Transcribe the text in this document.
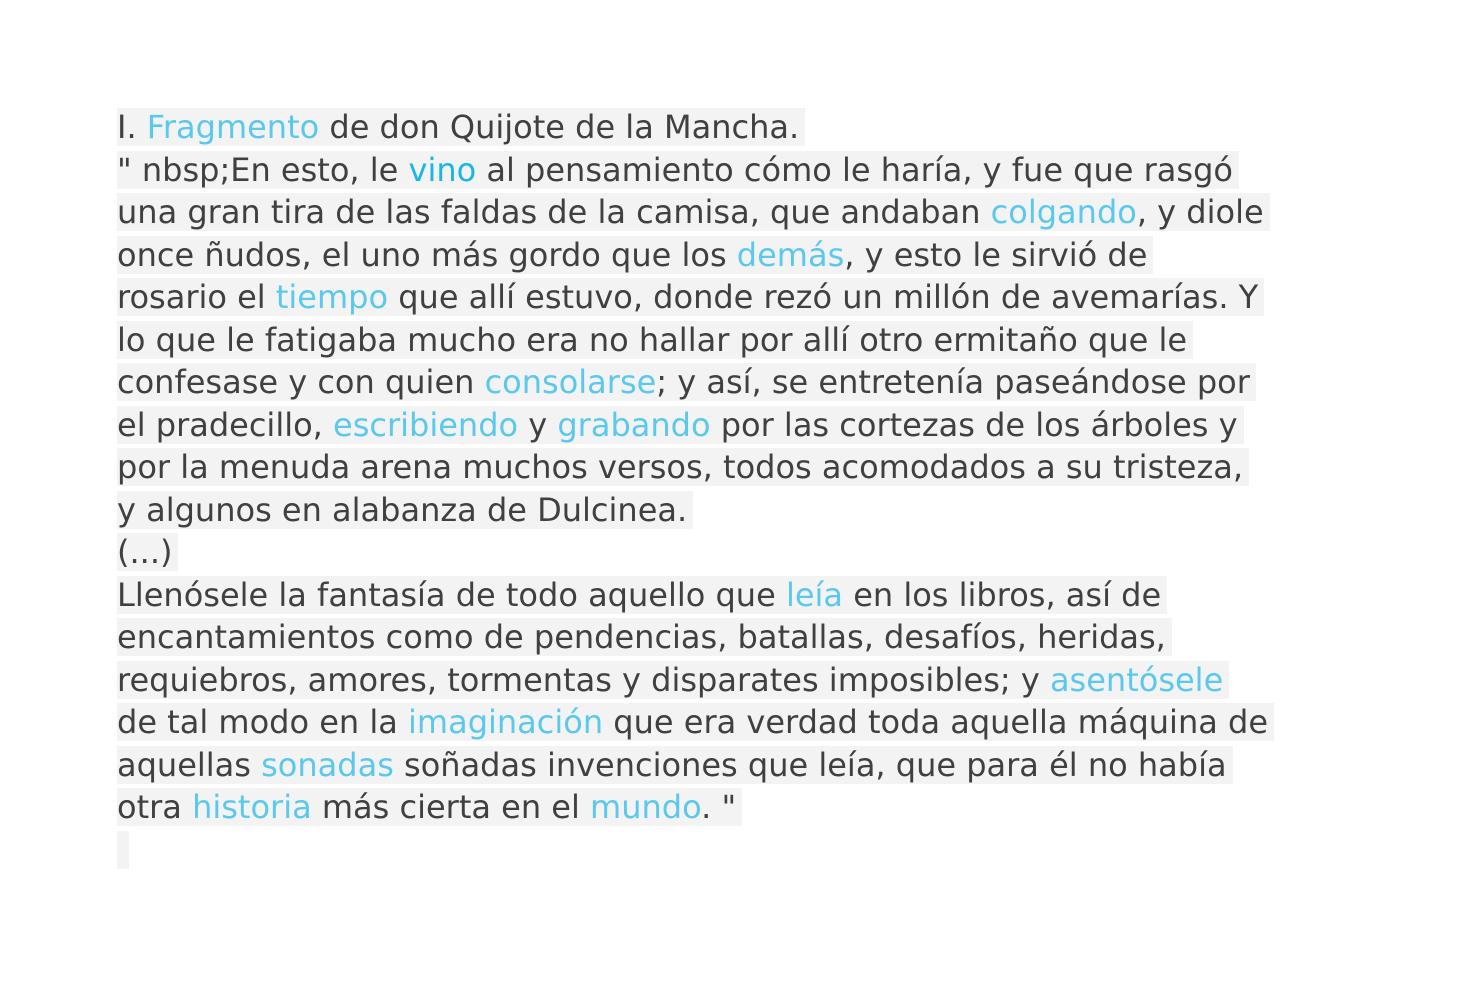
I. Fragmento de don Quijote de la Mancha.
" nbsp;En esto, le vino al pensamiento cómo le haría, y fue que rasgó
una gran tira de las faldas de la camisa, que andaban colgando, y diole
once ñudos, el uno más gordo que los demás, y esto le sirvió de
rosario el tiempo que allí estuvo, donde rezó un millón de avemarías. Y
lo que le fatigaba mucho era no hallar por allí otro ermitaño que le
confesase y con quien consolarse; y así, se entretenía paseándose por
el pradecillo, escribiendo y grabando por las cortezas de los árboles y
por la menuda arena muchos versos, todos acomodados a su tristeza,
y algunos en alabanza de Dulcinea.
(...)
Llenósele la fantasía de todo aquello que leía en los libros, así de
encantamientos como de pendencias, batallas, desafíos, heridas,
requiebros, amores, tormentas y disparates imposibles; y asentósele
de tal modo en la imaginación que era verdad toda aquella máquina de
aquellas sonadas soñadas invenciones que leía, que para él no había
otra historia más cierta en el mundo. "
